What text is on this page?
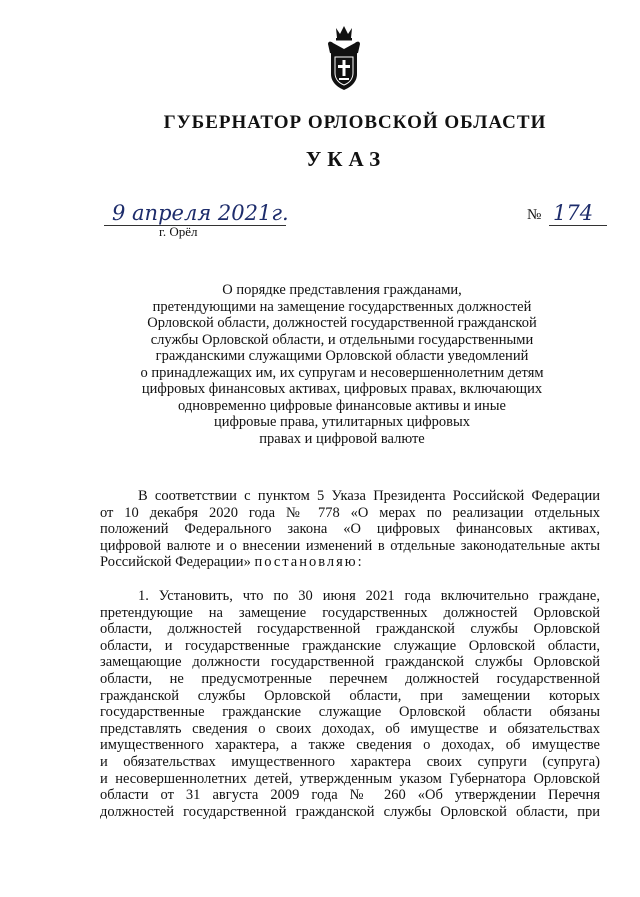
ГУБЕРНАТОР ОРЛОВСКОЙ ОБЛАСТИ
УКАЗ
9 апреля 2021г.
г. Орёл
№ 174
О порядке представления гражданами,
претендующими на замещение государственных должностей
Орловской области, должностей государственной гражданской
службы Орловской области, и отдельными государственными
гражданскими служащими Орловской области уведомлений
о принадлежащих им, их супругам и несовершеннолетним детям
цифровых финансовых активах, цифровых правах, включающих
одновременно цифровые финансовые активы и иные
цифровые права, утилитарных цифровых
правах и цифровой валюте
В соответствии с пунктом 5 Указа Президента Российской Федерации
от 10 декабря 2020 года № 778 «О мерах по реализации отдельных
положений Федерального закона «О цифровых финансовых активах,
цифровой валюте и о внесении изменений в отдельные законодательные акты
Российской Федерации» постановляю:
1. Установить, что по 30 июня 2021 года включительно граждане,
претендующие на замещение государственных должностей Орловской
области, должностей государственной гражданской службы Орловской
области, и государственные гражданские служащие Орловской области,
замещающие должности государственной гражданской службы Орловской
области, не предусмотренные перечнем должностей государственной
гражданской службы Орловской области, при замещении которых
государственные гражданские служащие Орловской области обязаны
представлять сведения о своих доходах, об имуществе и обязательствах
имущественного характера, а также сведения о доходах, об имуществе
и обязательствах имущественного характера своих супруги (супруга)
и несовершеннолетних детей, утвержденным указом Губернатора Орловской
области от 31 августа 2009 года № 260 «Об утверждении Перечня
должностей государственной гражданской службы Орловской области, при
